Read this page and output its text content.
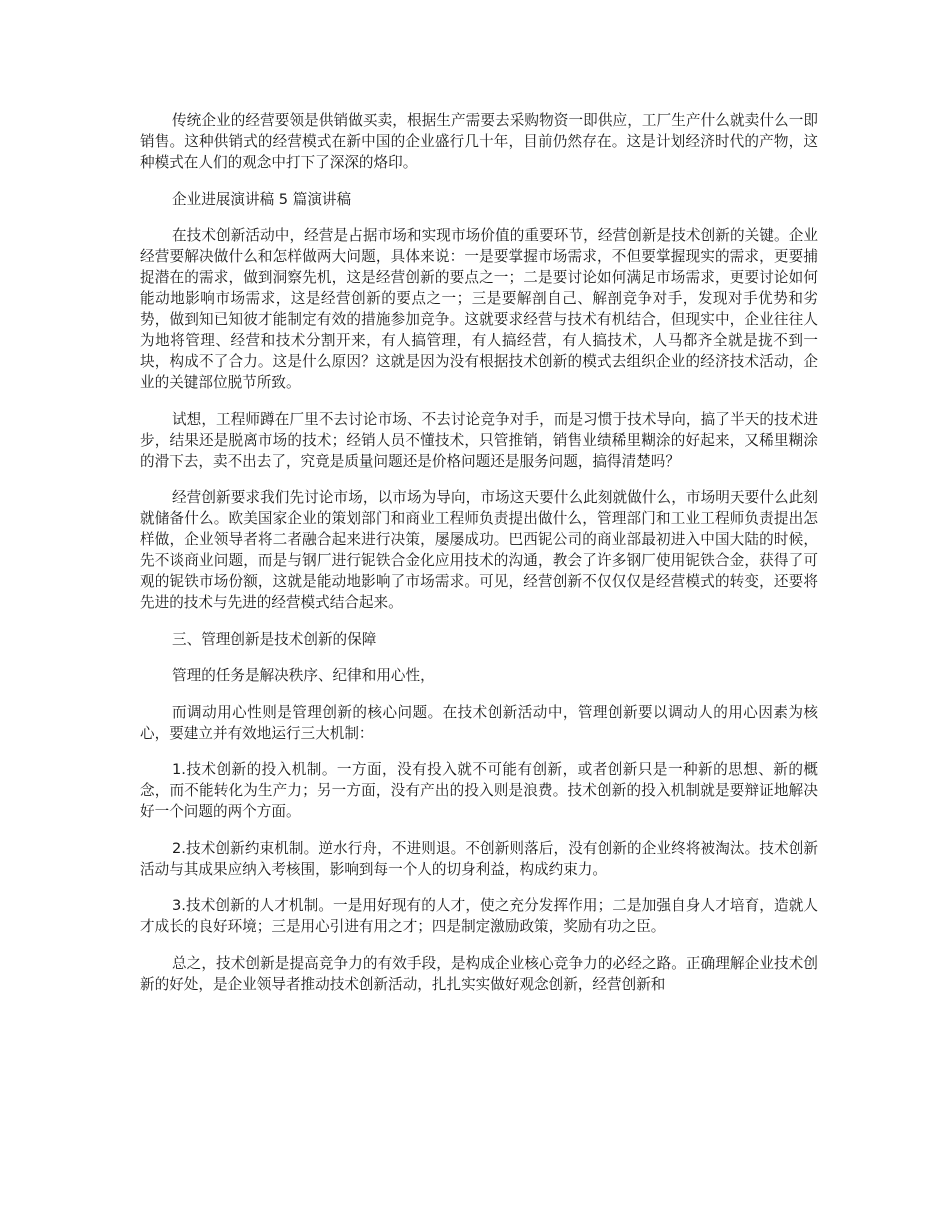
传统企业的经营要领是供销做买卖，根据生产需要去采购物资一即供应，工厂生产什么就卖什么一即销售。这种供销式的经营模式在新中国的企业盛行几十年，目前仍然存在。这是计划经济时代的产物，这种模式在人们的观念中打下了深深的烙印。

企业进展演讲稿 5 篇演讲稿

在技术创新活动中，经营是占据市场和实现市场价值的重要环节，经营创新是技术创新的关键。企业经营要解决做什么和怎样做两大问题，具体来说：一是要掌握市场需求，不但要掌握现实的需求，更要捕捉潜在的需求，做到洞察先机，这是经营创新的要点之一；二是要讨论如何满足市场需求，更要讨论如何能动地影响市场需求，这是经营创新的要点之一；三是要解剖自己、解剖竞争对手，发现对手优势和劣势，做到知已知彼才能制定有效的措施参加竞争。这就要求经营与技术有机结合，但现实中，企业往往人为地将管理、经营和技术分割开来，有人搞管理，有人搞经营，有人搞技术，人马都齐全就是拢不到一块，构成不了合力。这是什么原因？这就是因为没有根据技术创新的模式去组织企业的经济技术活动，企业的关键部位脱节所致。

试想，工程师蹲在厂里不去讨论市场、不去讨论竞争对手，而是习惯于技术导向，搞了半天的技术进步，结果还是脱离市场的技术；经销人员不懂技术，只管推销，销售业绩稀里糊涂的好起来，又稀里糊涂的滑下去，卖不出去了，究竟是质量问题还是价格问题还是服务问题，搞得清楚吗？

经营创新要求我们先讨论市场，以市场为导向，市场这天要什么此刻就做什么，市场明天要什么此刻就储备什么。欧美国家企业的策划部门和商业工程师负责提出做什么，管理部门和工业工程师负责提出怎样做，企业领导者将二者融合起来进行决策，屡屡成功。巴西铌公司的商业部最初进入中国大陆的时候，先不谈商业问题，而是与钢厂进行铌铁合金化应用技术的沟通，教会了许多钢厂使用铌铁合金，获得了可观的铌铁市场份额，这就是能动地影响了市场需求。可见，经营创新不仅仅仅是经营模式的转变，还要将先进的技术与先进的经营模式结合起来。

三、管理创新是技术创新的保障

管理的任务是解决秩序、纪律和用心性，

而调动用心性则是管理创新的核心问题。在技术创新活动中，管理创新要以调动人的用心因素为核心，要建立并有效地运行三大机制：

1.技术创新的投入机制。一方面，没有投入就不可能有创新，或者创新只是一种新的思想、新的概念，而不能转化为生产力；另一方面，没有产出的投入则是浪费。技术创新的投入机制就是要辩证地解决好一个问题的两个方面。

2.技术创新约束机制。逆水行舟，不进则退。不创新则落后，没有创新的企业终将被淘汰。技术创新活动与其成果应纳入考核围，影响到每一个人的切身利益，构成约束力。

3.技术创新的人才机制。一是用好现有的人才，使之充分发挥作用；二是加强自身人才培育，造就人才成长的良好环境；三是用心引进有用之才；四是制定激励政策，奖励有功之臣。

总之，技术创新是提高竞争力的有效手段，是构成企业核心竞争力的必经之路。正确理解企业技术创新的好处，是企业领导者推动技术创新活动，扎扎实实做好观念创新，经营创新和
